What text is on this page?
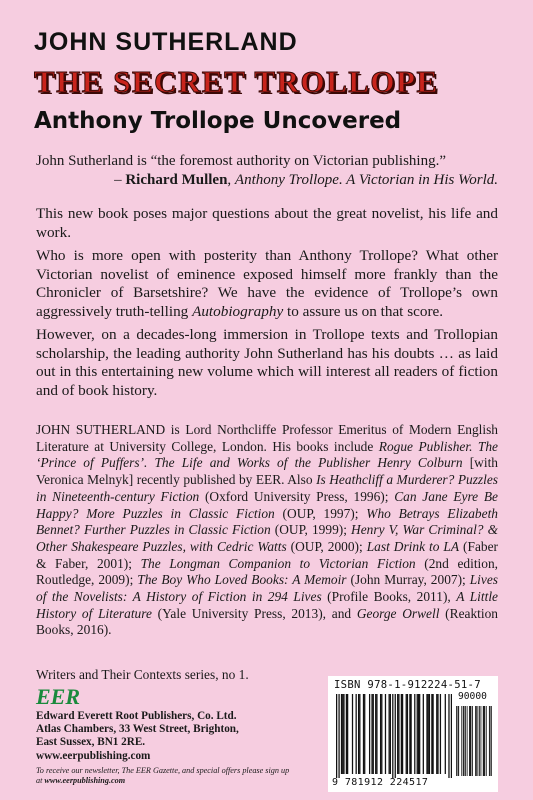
JOHN SUTHERLAND
THE SECRET TROLLOPE
Anthony Trollope Uncovered

John Sutherland is “the foremost authority on Victorian publishing.”

– Richard Mullen, Anthony Trollope. A Victorian in His World.

This new book poses major questions about the great novelist, his life and work.

Who is more open with posterity than Anthony Trollope? What other Victorian novelist of eminence exposed himself more frankly than the Chronicler of Barsetshire? We have the evidence of Trollope’s own aggressively truth-telling Autobiography to assure us on that score.

However, on a decades-long immersion in Trollope texts and Trollopian scholarship, the leading authority John Sutherland has his doubts … as laid out in this entertaining new volume which will interest all readers of fiction and of book history.

JOHN SUTHERLAND is Lord Northcliffe Professor Emeritus of Modern English Literature at University College, London. His books include Rogue Publisher. The ‘Prince of Puffers’. The Life and Works of the Publisher Henry Colburn [with Veronica Melnyk] recently published by EER. Also Is Heathcliff a Murderer? Puzzles in Nineteenth-century Fiction (Oxford University Press, 1996); Can Jane Eyre Be Happy? More Puzzles in Classic Fiction (OUP, 1997); Who Betrays Elizabeth Bennet? Further Puzzles in Classic Fiction (OUP, 1999); Henry V, War Criminal? & Other Shakespeare Puzzles, with Cedric Watts (OUP, 2000); Last Drink to LA (Faber & Faber, 2001); The Longman Companion to Victorian Fiction (2nd edition, Routledge, 2009); The Boy Who Loved Books: A Memoir (John Murray, 2007); Lives of the Novelists: A History of Fiction in 294 Lives (Profile Books, 2011), A Little History of Literature (Yale University Press, 2013), and George Orwell (Reaktion Books, 2016).

Writers and Their Contexts series, no 1.

EER

Edward Everett Root Publishers, Co. Ltd.
Atlas Chambers, 33 West Street, Brighton,
East Sussex, BN1 2RE.
www.eerpublishing.com
To receive our newsletter, The EER Gazette, and special offers please sign up at www.eerpublishing.com
ISBN 978-1-912224-51-7
90000
9 781912 224517
